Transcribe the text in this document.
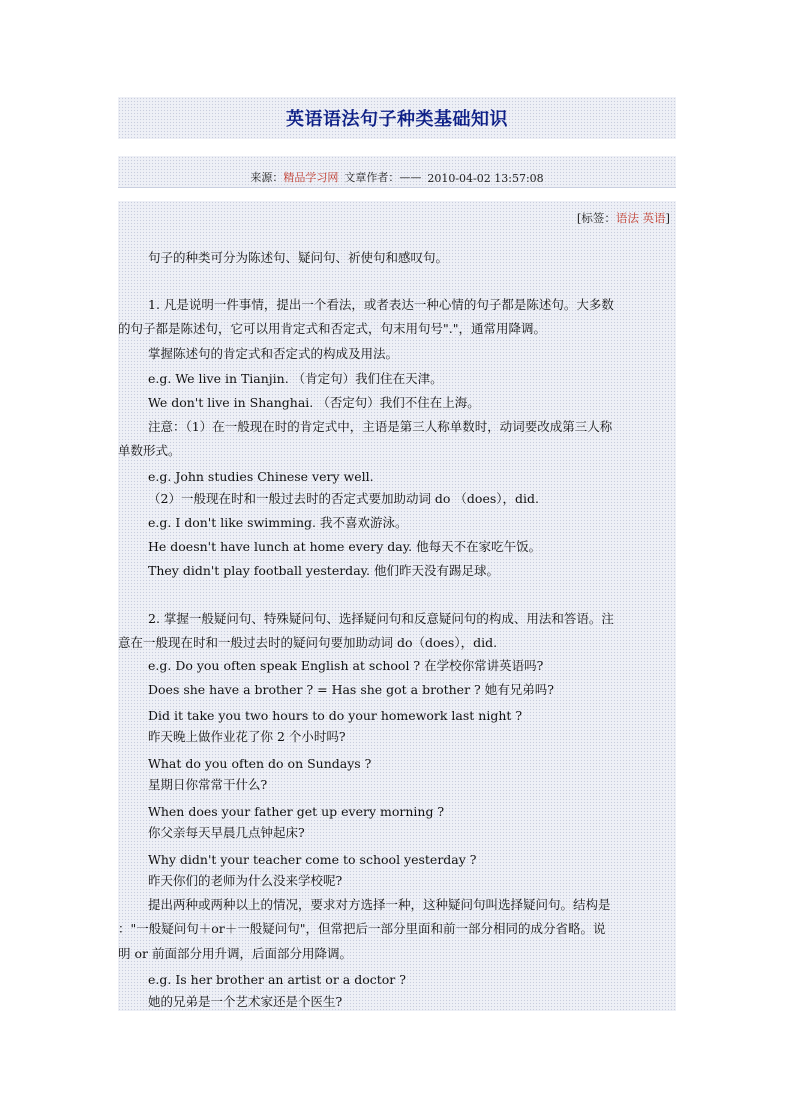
英语语法句子种类基础知识
来源： 精品学习网 文章作者：—— 2010-04-02 13:57:08
[标签：语法 英语]
句子的种类可分为陈述句、疑问句、祈使句和感叹句。
1. 凡是说明一件事情，提出一个看法，或者表达一种心情的句子都是陈述句。大多数
的句子都是陈述句，它可以用肯定式和否定式，句末用句号"."，通常用降调。
掌握陈述句的肯定式和否定式的构成及用法。
e.g. We live in Tianjin. （肯定句）我们住在天津。
We don't live in Shanghai. （否定句）我们不住在上海。
注意：（1）在一般现在时的肯定式中，主语是第三人称单数时，动词要改成第三人称
单数形式。
e.g. John studies Chinese very well.
（2）一般现在时和一般过去时的否定式要加助动词 do （does），did.
e.g. I don't like swimming. 我不喜欢游泳。
He doesn't have lunch at home every day. 他每天不在家吃午饭。
They didn't play football yesterday. 他们昨天没有踢足球。
2. 掌握一般疑问句、特殊疑问句、选择疑问句和反意疑问句的构成、用法和答语。注
意在一般现在时和一般过去时的疑问句要加助动词 do（does），did.
e.g. Do you often speak English at school ? 在学校你常讲英语吗?
Does she have a brother ? = Has she got a brother ? 她有兄弟吗?
Did it take you two hours to do your homework last night ?
昨天晚上做作业花了你 2 个小时吗?
What do you often do on Sundays ?
星期日你常常干什么?
When does your father get up every morning ?
你父亲每天早晨几点钟起床?
Why didn't your teacher come to school yesterday ?
昨天你们的老师为什么没来学校呢?
提出两种或两种以上的情况，要求对方选择一种，这种疑问句叫选择疑问句。结构是
："一般疑问句＋or＋一般疑问句"，但常把后一部分里面和前一部分相同的成分省略。说
明 or 前面部分用升调，后面部分用降调。
e.g. Is her brother an artist or a doctor ?
她的兄弟是一个艺术家还是个医生?
